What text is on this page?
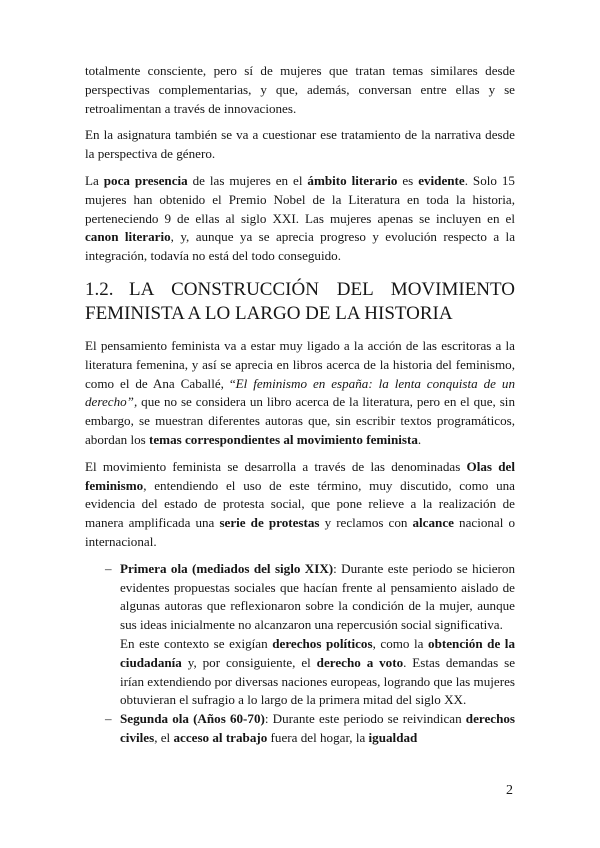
totalmente consciente, pero sí de mujeres que tratan temas similares desde perspectivas complementarias, y que, además, conversan entre ellas y se retroalimentan a través de innovaciones.

En la asignatura también se va a cuestionar ese tratamiento de la narrativa desde la perspectiva de género.

La poca presencia de las mujeres en el ámbito literario es evidente. Solo 15 mujeres han obtenido el Premio Nobel de la Literatura en toda la historia, perteneciendo 9 de ellas al siglo XXI. Las mujeres apenas se incluyen en el canon literario, y, aunque ya se aprecia progreso y evolución respecto a la integración, todavía no está del todo conseguido.

1.2. LA CONSTRUCCIÓN DEL MOVIMIENTO FEMINISTA A LO LARGO DE LA HISTORIA

El pensamiento feminista va a estar muy ligado a la acción de las escritoras a la literatura femenina, y así se aprecia en libros acerca de la historia del feminismo, como el de Ana Caballé, “El feminismo en españa: la lenta conquista de un derecho”, que no se considera un libro acerca de la literatura, pero en el que, sin embargo, se muestran diferentes autoras que, sin escribir textos programáticos, abordan los temas correspondientes al movimiento feminista.

El movimiento feminista se desarrolla a través de las denominadas Olas del feminismo, entendiendo el uso de este término, muy discutido, como una evidencia del estado de protesta social, que pone relieve a la realización de manera amplificada una serie de protestas y reclamos con alcance nacional o internacional.

– Primera ola (mediados del siglo XIX): Durante este periodo se hicieron evidentes propuestas sociales que hacían frente al pensamiento aislado de algunas autoras que reflexionaron sobre la condición de la mujer, aunque sus ideas inicialmente no alcanzaron una repercusión social significativa.

En este contexto se exigían derechos políticos, como la obtención de la ciudadanía y, por consiguiente, el derecho a voto. Estas demandas se irían extendiendo por diversas naciones europeas, logrando que las mujeres obtuvieran el sufragio a lo largo de la primera mitad del siglo XX.

– Segunda ola (Años 60-70): Durante este periodo se reivindican derechos civiles, el acceso al trabajo fuera del hogar, la igualdad

2
